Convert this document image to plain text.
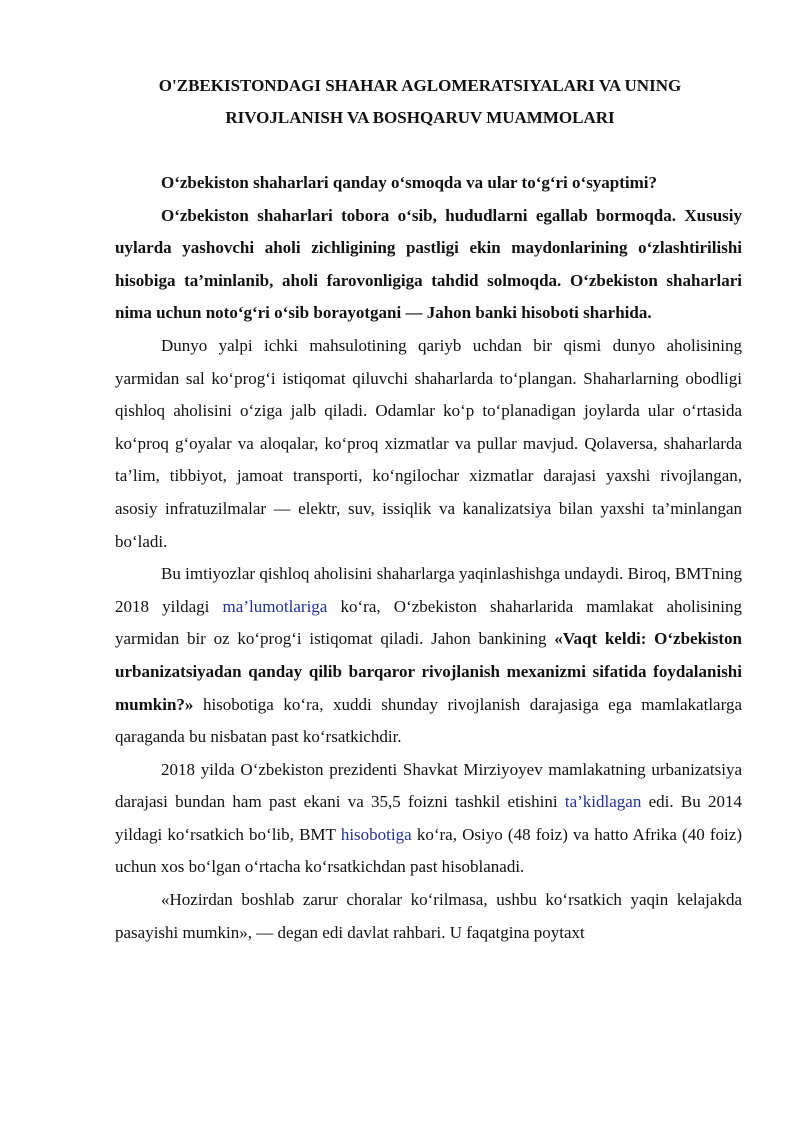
O'ZBEKISTONDAGI SHAHAR AGLOMERATSIYALARI VA UNING
RIVOJLANISH VA BOSHQARUV MUAMMOLARI

O‘zbekiston shaharlari qanday o‘smoqda va ular to‘g‘ri o‘syaptimi?

O‘zbekiston shaharlari tobora o‘sib, hududlarni egallab bormoqda. Xususiy uylarda yashovchi aholi zichligining pastligi ekin maydonlarining o‘zlashtirilishi hisobiga ta’minlanib, aholi farovonligiga tahdid solmoqda. O‘zbekiston shaharlari nima uchun noto‘g‘ri o‘sib borayotgani — Jahon banki hisoboti sharhida.

Dunyo yalpi ichki mahsulotining qariyb uchdan bir qismi dunyo aholisining yarmidan sal ko‘prog‘i istiqomat qiluvchi shaharlarda to‘plangan. Shaharlarning obodligi qishloq aholisini o‘ziga jalb qiladi. Odamlar ko‘p to‘planadigan joylarda ular o‘rtasida ko‘proq g‘oyalar va aloqalar, ko‘proq xizmatlar va pullar mavjud. Qolaversa, shaharlarda ta’lim, tibbiyot, jamoat transporti, ko‘ngilochar xizmatlar darajasi yaxshi rivojlangan, asosiy infratuzilmalar — elektr, suv, issiqlik va kanalizatsiya bilan yaxshi ta’minlangan bo‘ladi.

Bu imtiyozlar qishloq aholisini shaharlarga yaqinlashishga undaydi. Biroq, BMTning 2018 yildagi ma’lumotlariga ko‘ra, O‘zbekiston shaharlarida mamlakat aholisining yarmidan bir oz ko‘prog‘i istiqomat qiladi. Jahon bankining «Vaqt keldi: O‘zbekiston urbanizatsiyadan qanday qilib barqaror rivojlanish mexanizmi sifatida foydalanishi mumkin?» hisobotiga ko‘ra, xuddi shunday rivojlanish darajasiga ega mamlakatlarga qaraganda bu nisbatan past ko‘rsatkichdir.

2018 yilda O‘zbekiston prezidenti Shavkat Mirziyoyev mamlakatning urbanizatsiya darajasi bundan ham past ekani va 35,5 foizni tashkil etishini ta’kidlagan edi. Bu 2014 yildagi ko‘rsatkich bo‘lib, BMT hisobotiga ko‘ra, Osiyo (48 foiz) va hatto Afrika (40 foiz) uchun xos bo‘lgan o‘rtacha ko‘rsatkichdan past hisoblanadi.

«Hozirdan boshlab zarur choralar ko‘rilmasa, ushbu ko‘rsatkich yaqin kelajakda pasayishi mumkin», — degan edi davlat rahbari. U faqatgina poytaxt
